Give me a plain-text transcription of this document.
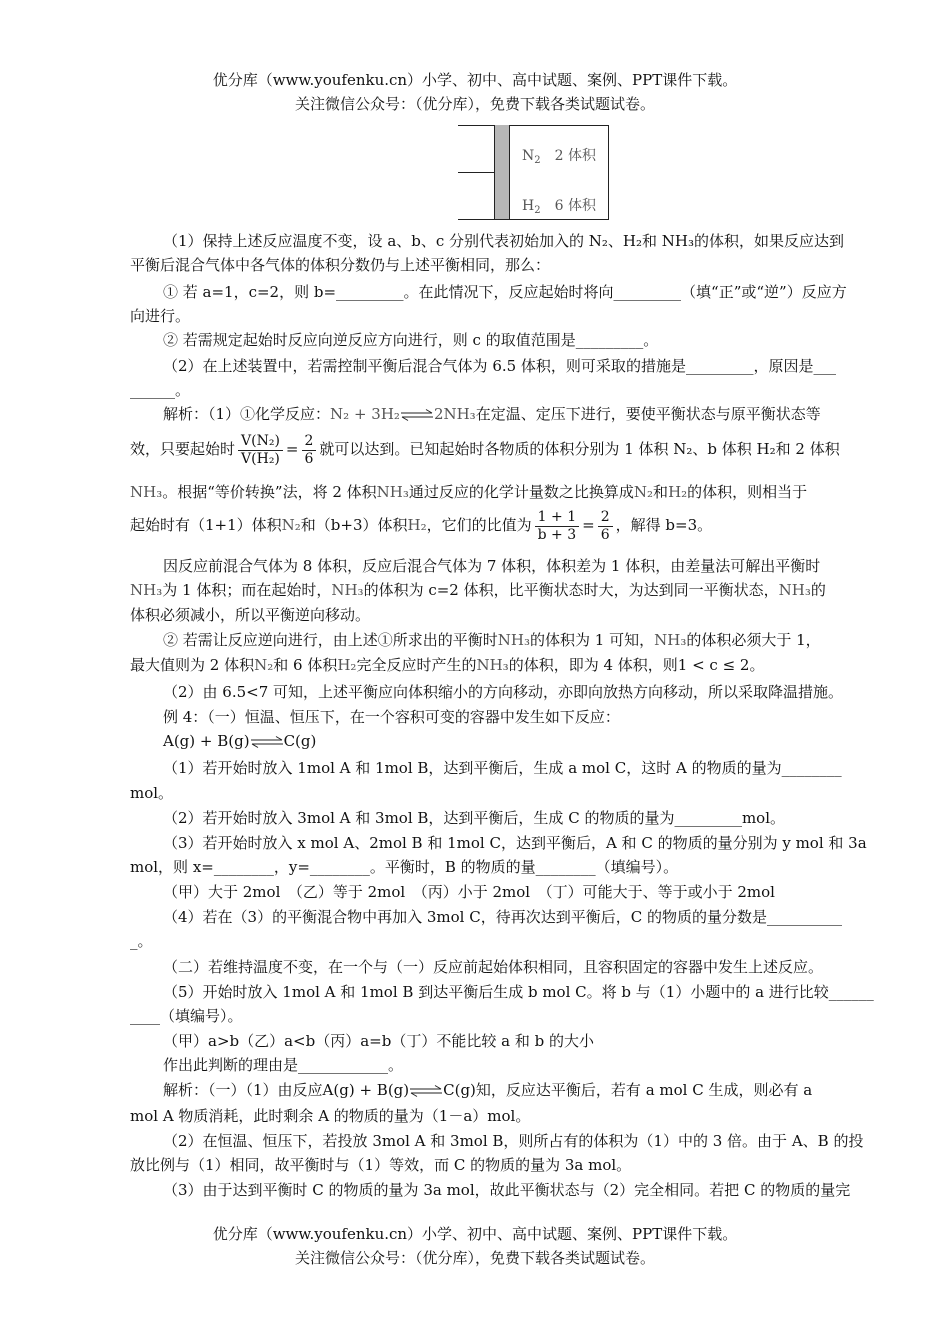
优分库（www.youfenku.cn）小学、初中、高中试题、案例、PPT课件下载。
关注微信公众号：（优分库），免费下载各类试题试卷。
$N_2$ 2 体积
$H_2$ 6 体积
（1）保持上述反应温度不变，设 a、b、c 分别代表初始加入的 N₂、H₂和 NH₃的体积，如果反应达到
平衡后混合气体中各气体的体积分数仍与上述平衡相同，那么：
① 若 a=1，c=2，则 b=_________。在此情况下，反应起始时将向_________（填“正”或“逆”）反应方
向进行。
② 若需规定起始时反应向逆反应方向进行，则 c 的取值范围是_________。
（2）在上述装置中，若需控制平衡后混合气体为 6.5 体积，则可采取的措施是_________，原因是___
______。
解析：（1）①化学反应：N₂ + 3H₂⇌2NH₃在定温、定压下进行，要使平衡状态与原平衡状态等
效，只要起始时 $\frac{\text{V(N₂)}}{\text{V(H₂)}} = \frac{2}{6}$ 就可以达到。已知起始时各物质的体积分别为 1 体积 N₂、b 体积 H₂和 2 体积
NH₃。根据“等价转换”法，将 2 体积NH₃通过反应的化学计量数之比换算成N₂和H₂的体积，则相当于
起始时有（1+1）体积N₂和（b+3）体积H₂，它们的比值为 $\frac{1 + 1}{b + 3} = \frac{2}{6}$ ，解得 b=3。
因反应前混合气体为 8 体积，反应后混合气体为 7 体积，体积差为 1 体积，由差量法可解出平衡时
NH₃为 1 体积；而在起始时，NH₃的体积为 c=2 体积，比平衡状态时大，为达到同一平衡状态，NH₃的
体积必须减小，所以平衡逆向移动。
② 若需让反应逆向进行，由上述①所求出的平衡时NH₃的体积为 1 可知，NH₃的体积必须大于 1，
最大值则为 2 体积N₂和 6 体积H₂完全反应时产生的NH₃的体积，即为 4 体积，则1 < c ≤ 2。
（2）由 6.5<7 可知，上述平衡应向体积缩小的方向移动，亦即向放热方向移动，所以采取降温措施。
例 4：（一）恒温、恒压下，在一个容积可变的容器中发生如下反应：
A(g) + B(g)⇌C(g)
（1）若开始时放入 1mol A 和 1mol B，达到平衡后，生成 a mol C，这时 A 的物质的量为________
mol。
（2）若开始时放入 3mol A 和 3mol B，达到平衡后，生成 C 的物质的量为_________mol。
（3）若开始时放入 x mol A、2mol B 和 1mol C，达到平衡后，A 和 C 的物质的量分别为 y mol 和 3a
mol，则 x=________，y=________。平衡时，B 的物质的量________（填编号）。
（甲）大于 2mol　（乙）等于 2mol　（丙）小于 2mol　（丁）可能大于、等于或小于 2mol
（4）若在（3）的平衡混合物中再加入 3mol C，待再次达到平衡后，C 的物质的量分数是__________
_。
（二）若维持温度不变，在一个与（一）反应前起始体积相同，且容积固定的容器中发生上述反应。
（5）开始时放入 1mol A 和 1mol B 到达平衡后生成 b mol C。将 b 与（1）小题中的 a 进行比较______
____（填编号）。
（甲）a>b（乙）a<b（丙）a=b（丁）不能比较 a 和 b 的大小
作出此判断的理由是____________。
解析：（一）（1）由反应A(g) + B(g)⇌C(g)知，反应达平衡后，若有 a mol C 生成，则必有 a
mol A 物质消耗，此时剩余 A 的物质的量为（1－a）mol。
（2）在恒温、恒压下，若投放 3mol A 和 3mol B，则所占有的体积为（1）中的 3 倍。由于 A、B 的投
放比例与（1）相同，故平衡时与（1）等效，而 C 的物质的量为 3a mol。
（3）由于达到平衡时 C 的物质的量为 3a mol，故此平衡状态与（2）完全相同。若把 C 的物质的量完
优分库（www.youfenku.cn）小学、初中、高中试题、案例、PPT课件下载。
关注微信公众号：（优分库），免费下载各类试题试卷。
